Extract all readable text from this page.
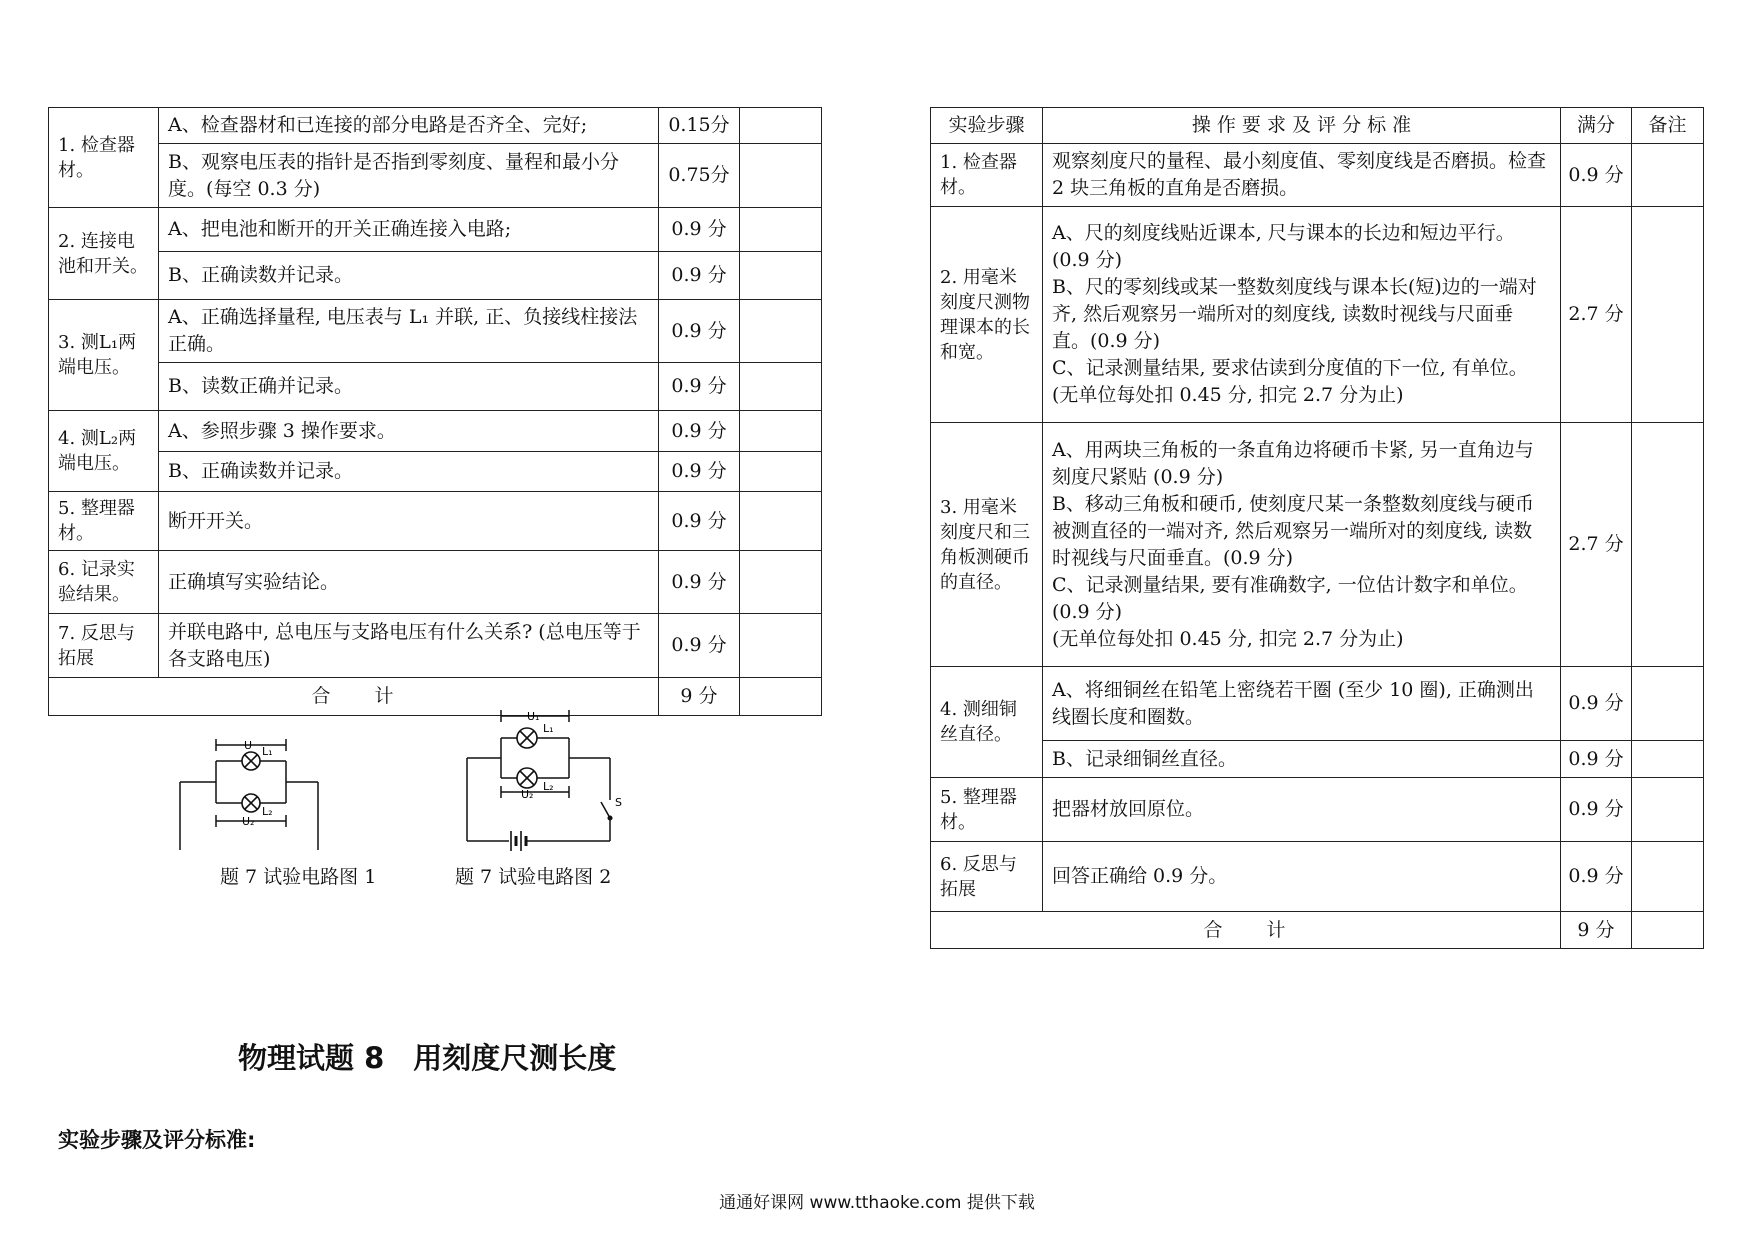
1. 检查器材。	A、检查器材和已连接的部分电路是否齐全、完好;	0.15分	
	B、观察电压表的指针是否指到零刻度、量程和最小分度。(每空 0.3 分)	0.75分	
2. 连接电池和开关。	A、把电池和断开的开关正确连接入电路;	0.9 分	
	B、正确读数并记录。	0.9 分	
3. 测L₁两端电压。	A、正确选择量程, 电压表与 L₁ 并联, 正、负接线柱接法正确。	0.9 分	
	B、读数正确并记录。	0.9 分	
4. 测L₂两端电压。	A、参照步骤 3 操作要求。	0.9 分	
	B、正确读数并记录。	0.9 分	
5. 整理器材。	断开开关。	0.9 分	
6. 记录实验结果。	正确填写实验结论。	0.9 分	
7. 反思与拓展	并联电路中, 总电压与支路电压有什么关系? (总电压等于各支路电压)	0.9 分	
合　　计		9 分	
U L₁
L₂
U₂
U₁
L₁
L₂
U₂
S
题 7 试验电路图 1	题 7 试验电路图 2
实验步骤	操 作 要 求 及 评 分 标 准	满分	备注
1. 检查器材。	观察刻度尺的量程、最小刻度值、零刻度线是否磨损。检查 2 块三角板的直角是否磨损。	0.9 分	
2. 用毫米刻度尺测物理课本的长和宽。	A、尺的刻度线贴近课本, 尺与课本的长边和短边平行。(0.9 分)
B、尺的零刻线或某一整数刻度线与课本长(短)边的一端对齐, 然后观察另一端所对的刻度线, 读数时视线与尺面垂直。(0.9 分)
C、记录测量结果, 要求估读到分度值的下一位, 有单位。(无单位每处扣 0.45 分, 扣完 2.7 分为止)	2.7 分	
3. 用毫米刻度尺和三角板测硬币的直径。	A、用两块三角板的一条直角边将硬币卡紧, 另一直角边与刻度尺紧贴 (0.9 分)
B、移动三角板和硬币, 使刻度尺某一条整数刻度线与硬币被测直径的一端对齐, 然后观察另一端所对的刻度线, 读数时视线与尺面垂直。(0.9 分)
C、记录测量结果, 要有准确数字, 一位估计数字和单位。(0.9 分)
(无单位每处扣 0.45 分, 扣完 2.7 分为止)	2.7 分	
4. 测细铜丝直径。	A、将细铜丝在铅笔上密绕若干圈 (至少 10 圈), 正确测出线圈长度和圈数。	0.9 分	
	B、记录细铜丝直径。	0.9 分	
5. 整理器材。	把器材放回原位。	0.9 分	
6. 反思与拓展	回答正确给 0.9 分。	0.9 分	
合　　计		9 分	
物理试题 8　用刻度尺测长度
实验步骤及评分标准:
通通好课网 www.tthaoke.com 提供下载
